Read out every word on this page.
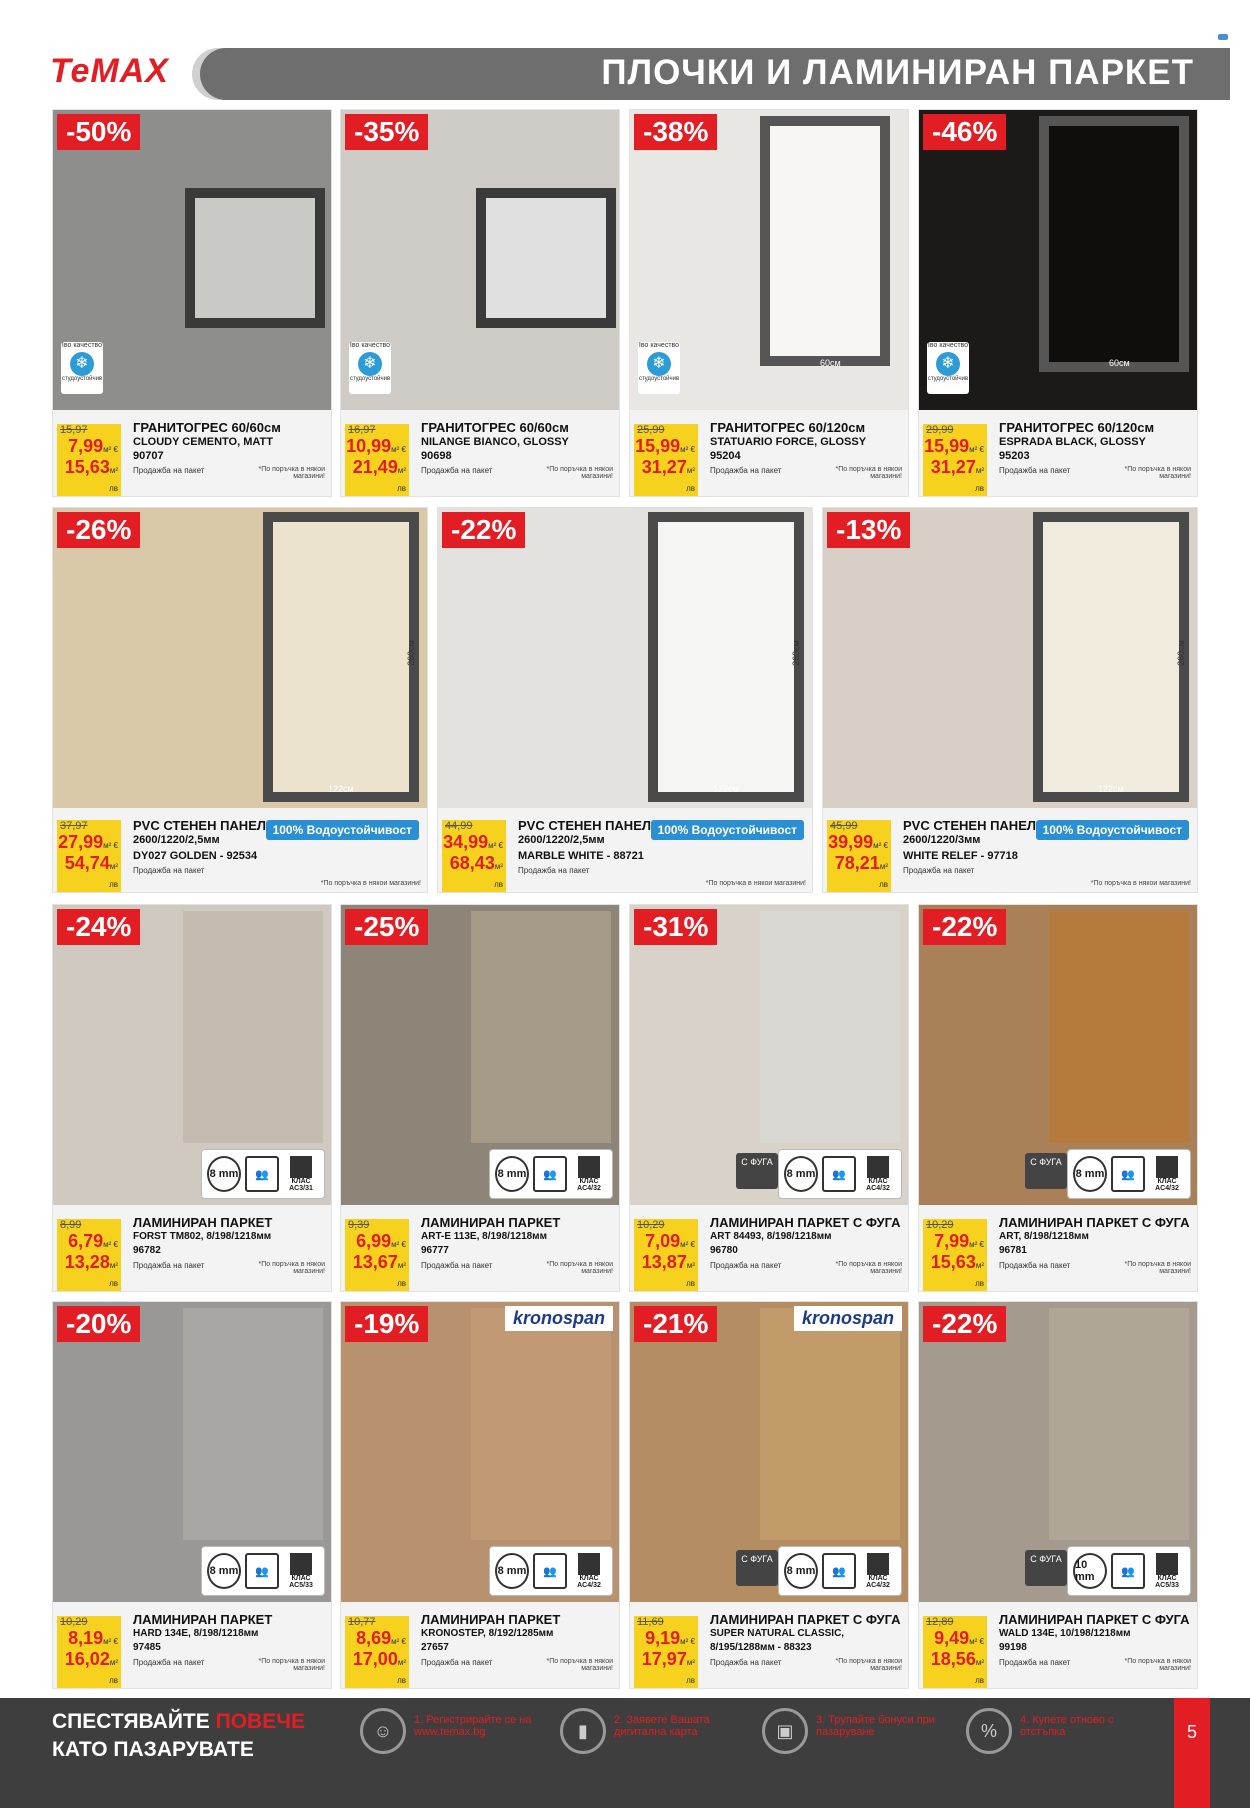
TeMAX	ПЛОЧКИ И ЛАМИНИРАН ПАРКЕТ
-50%
Iво качество
❄
студоустойчив
15,97
7,99м² €
15,63м² лв
ГРАНИТОГРЕС 60/60см
CLOUDY CEMENTO, MATT
90707
Продажба на пакет	*По поръчка в някои магазини!
-35%
Iво качество
❄
студоустойчив
16,97
10,99м² €
21,49м² лв
ГРАНИТОГРЕС 60/60см
NILANGE BIANCO, GLOSSY
90698
Продажба на пакет	*По поръчка в някои магазини!
60см
-38%
Iво качество
❄
студоустойчив
25,99
15,99м² €
31,27м² лв
ГРАНИТОГРЕС 60/120см
STATUARIO FORCE, GLOSSY
95204
Продажба на пакет	*По поръчка в някои магазини!
60см
-46%
Iво качество
❄
студоустойчив
29,99
15,99м² €
31,27м² лв
ГРАНИТОГРЕС 60/120см
ESPRADA BLACK, GLOSSY
95203
Продажба на пакет	*По поръчка в някои магазини!
260см
122см
-26%
100% Водоустойчивост
37,97
27,99м² €
54,74м² лв
PVC СТЕНЕН ПАНЕЛ
2600/1220/2,5мм
DY027 GOLDEN - 92534
Продажба на пакет
*По поръчка в някои магазини!
260см
122см
-22%
100% Водоустойчивост
44,99
34,99м² €
68,43м² лв
PVC СТЕНЕН ПАНЕЛ
2600/1220/2,5мм
MARBLE WHITE - 88721
Продажба на пакет
*По поръчка в някои магазини!
260см
122см
-13%
100% Водоустойчивост
45,99
39,99м² €
78,21м² лв
PVC СТЕНЕН ПАНЕЛ
2600/1220/3мм
WHITE RELEF - 97718
Продажба на пакет
*По поръчка в някои магазини!
-24%
8 mm	👥
КЛАС AC3/31
8,99
6,79м² €
13,28м² лв
ЛАМИНИРАН ПАРКЕТ
FORST TM802, 8/198/1218мм
96782
Продажба на пакет	*По поръчка в някои магазини!
-25%
8 mm	👥
КЛАС AC4/32
9,39
6,99м² €
13,67м² лв
ЛАМИНИРАН ПАРКЕТ
ART-E 113E, 8/198/1218мм
96777
Продажба на пакет	*По поръчка в някои магазини!
-31%
С ФУГА
8 mm	👥
КЛАС AC4/32
10,29
7,09м² €
13,87м² лв
ЛАМИНИРАН ПАРКЕТ С ФУГА
ART 84493, 8/198/1218мм
96780
Продажба на пакет	*По поръчка в някои магазини!
-22%
С ФУГА
8 mm	👥
КЛАС AC4/32
10,29
7,99м² €
15,63м² лв
ЛАМИНИРАН ПАРКЕТ С ФУГА
ART, 8/198/1218мм
96781
Продажба на пакет	*По поръчка в някои магазини!
-20%
8 mm	👥
КЛАС AC5/33
10,29
8,19м² €
16,02м² лв
ЛАМИНИРАН ПАРКЕТ
HARD 134E, 8/198/1218мм
97485
Продажба на пакет	*По поръчка в някои магазини!
kronospan
-19%
8 mm	👥
КЛАС AC4/32
10,77
8,69м² €
17,00м² лв
ЛАМИНИРАН ПАРКЕТ
KRONOSTEP, 8/192/1285мм
27657
Продажба на пакет	*По поръчка в някои магазини!
kronospan
-21%
С ФУГА
8 mm	👥
КЛАС AC4/32
11,69
9,19м² €
17,97м² лв
ЛАМИНИРАН ПАРКЕТ С ФУГА
SUPER NATURAL CLASSIC,
8/195/1288мм - 88323
Продажба на пакет	*По поръчка в някои магазини!
-22%
С ФУГА	10 mm	👥
КЛАС AC5/33
12,89
9,49м² €
18,56м² лв
ЛАМИНИРАН ПАРКЕТ С ФУГА
WALD 134E, 10/198/1218мм
99198
Продажба на пакет	*По поръчка в някои магазини!
СПЕСТЯВАЙТЕ ПОВЕЧЕ
КАТО ПАЗАРУВАТЕ
☺
1. Регистрирайте се на www.temax.bg	▮
2. Заявете Вашата дигитална карта	▣
3. Трупайте бонуси при пазаруване	%
4. Купете отново с отстъпка	5
